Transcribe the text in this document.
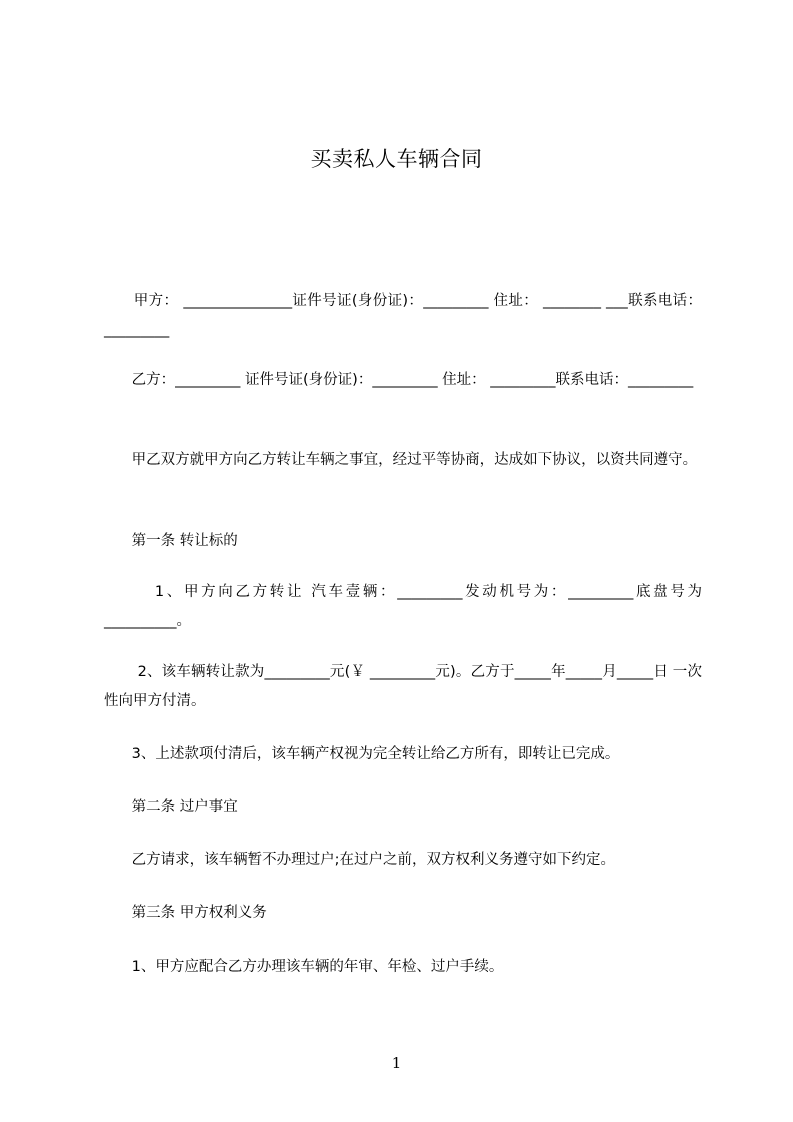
买卖私人车辆合同
甲方： _______________证件号证(身份证)：_________ 住址： ________ ___联系电话：_________
乙方：_________ 证件号证(身份证)：_________ 住址： _________联系电话：_________
甲乙双方就甲方向乙方转让车辆之事宜，经过平等协商，达成如下协议，以资共同遵守。
第一条 转让标的
1、甲方向乙方转让 汽车壹辆：_________发动机号为：_________底盘号为 __________。
2、该车辆转让款为_________元(￥ _________元)。乙方于_____年_____月_____日 一次性向甲方付清。
3、上述款项付清后，该车辆产权视为完全转让给乙方所有，即转让已完成。
第二条 过户事宜
乙方请求，该车辆暂不办理过户;在过户之前，双方权利义务遵守如下约定。
第三条 甲方权利义务
1、甲方应配合乙方办理该车辆的年审、年检、过户手续。
1
